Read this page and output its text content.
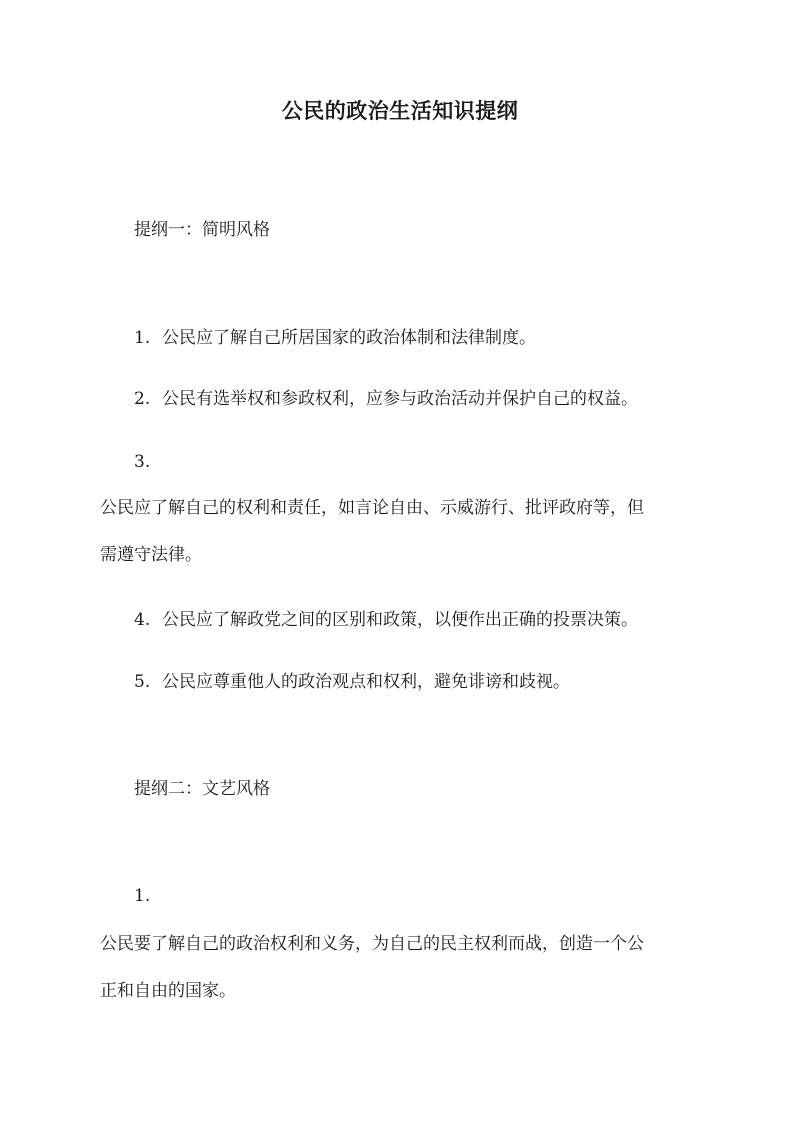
公民的政治生活知识提纲
提纲一：简明风格
1. 公民应了解自己所居国家的政治体制和法律制度。
2. 公民有选举权和参政权利，应参与政治活动并保护自己的权益。
3.
公民应了解自己的权利和责任，如言论自由、示威游行、批评政府等，但
需遵守法律。
4. 公民应了解政党之间的区别和政策，以便作出正确的投票决策。
5. 公民应尊重他人的政治观点和权利，避免诽谤和歧视。
提纲二：文艺风格
1.
公民要了解自己的政治权利和义务，为自己的民主权利而战，创造一个公
正和自由的国家。
